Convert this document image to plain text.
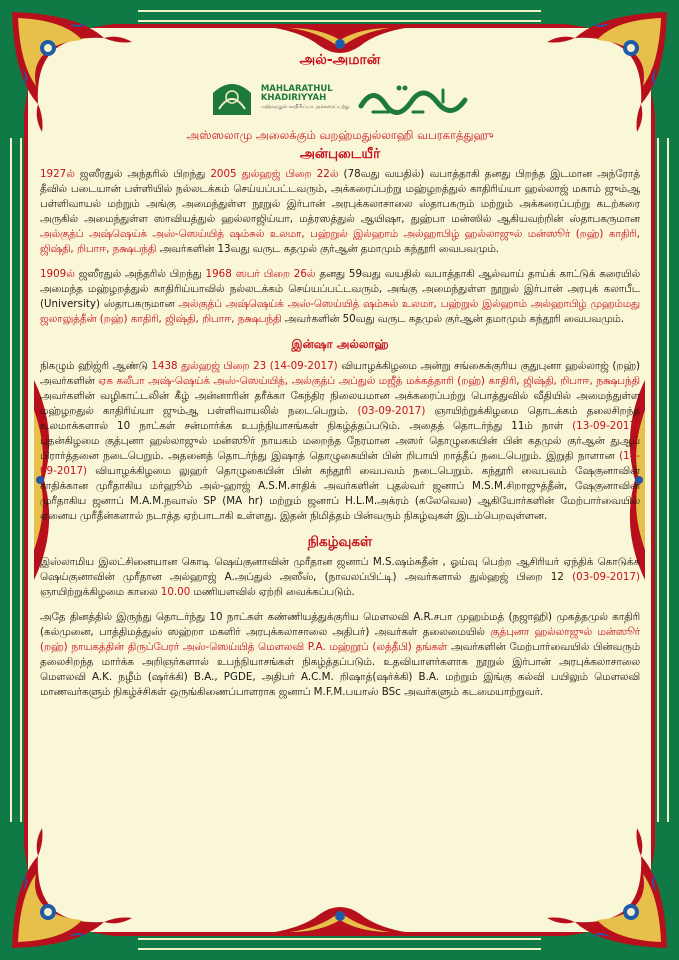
அல்-அமான்
MAHLARATHUL
KHADIRIYYAH
மஹ்லறதுல் காதிரிய்யா அக்கரைப்பற்று
அஸ்ஸலாமு அலைக்கும் வறஹ்மதுல்லாஹி வபரகாத்துஹு
அன்புடையீர்

1927ல் ஜஸீரதுல் அந்தரில் பிறந்து 2005 துல்ஹஜ் பிறை 22ல் (78வது வயதில்) வபாத்தாகி தனது பிறந்த இடமான அந்ரோத் தீவில் படையான் பள்ளியில் நல்லடக்கம் செய்யப்பட்டவரும், அக்கரைப்பற்று மஹ்ழறத்துல் காதிரிய்யா ஹல்லாஜ் மகாம் ஜும்ஆ பள்ளிவாயல் மற்றும் அங்கு அமைந்துள்ள நூறுல் இர்பான் அரபுக்கலாசாலை ஸ்தாபகரும் மற்றும் அக்கரைப்பற்று கடற்கரை அருகில் அமைந்துள்ள ஸாவியத்துல் ஹல்லாஜிய்யா, மத்ரஸத்துல் ஆயிஷா, துஹ்பா மன்ஸில் ஆகியவற்றின் ஸ்தாபகருமான அல்குத்ப் அஷ்ஷெய்க் அஸ்-ஸெய்யித் ஷம்சுல் உலமா, பஹ்றுல் இல்ஹாம் அல்ஹாபிழ் ஹல்லாஜுல் மன்ஸூர் (றஹ்) காதிரி, ஜிஷ்தி, றிபாஈ, நக்ஷபந்தி அவர்களின் 13வது வருட கதமுல் குர்ஆன் தமாமும் கந்தூரி வைபவமும்.

1909ல் ஜஸீரதுல் அந்தரில் பிறந்து 1968 ஸபர் பிறை 26ல் தனது 59வது வயதில் வபாத்தாகி ஆல்வாய் தாய்க் காட்டுக் கரையில் அமைந்த மஹ்ழறத்துல் காதிரிய்யாவில் நல்லடக்கம் செய்யப்பட்டவரும், அங்கு அமைந்துள்ள நூறுல் இர்பான் அரபுக் கலாபீட (University) ஸ்தாபகருமான அல்குத்ப் அஷ்ஷெய்க் அஸ்-ஸெய்யித் ஷம்சுல் உலமா, பஹ்றுல் இல்ஹாம் அல்ஹாபிழ் முஹம்மது ஜலாலுத்தீன் (றஹ்) காதிரி, ஜிஷ்தி, றிபாஈ, நக்ஷபந்தி அவர்களின் 50வது வருட கதமுல் குர்ஆன் தமாமும் கந்தூரி வைபவமும்.

இன்ஷா அல்லாஹ்

நிகழும் ஹிஜ்ரி ஆண்டு 1438 துல்ஹஜ் பிறை 23 (14-09-2017) வியாழக்கிழமை அன்று சங்கைக்குரிய குதுபுனா ஹல்லாஜ் (றஹ்) அவர்களின் ஏக கலீபா அஷ்-ஷெய்க் அஸ்-ஸெய்யித், அல்குத்ப் அப்துல் மஜீத் மக்கத்தாரி (றஹ்) காதிரி, ஜிஷ்தி, றிபாஈ, நக்ஷபந்தி அவர்களின் வழிகாட்டலின் கீழ் அன்னாரின் தரீக்கா கேந்திர நிலையமான அக்கரைப்பற்று பொத்துவில் வீதியில் அமைந்துள்ள மஹ்ழறதுல் காதிரிய்யா ஜும்ஆ பள்ளிவாயலில் நடைபெறும். (03-09-2017) ஞாயிற்றுக்கிழமை தொடக்கம் தலைசிறந்த உலமாக்களால் 10 நாட்கள் சன்மார்க்க உபந்நியாசங்கள் நிகழ்த்தப்படும். அதைத் தொடர்ந்து 11ம் நாள் (13-09-2017) புதன்கிழமை குத்புனா ஹல்லாஜுல் மன்ஸூர் நாயகம் மறைந்த நேரமான அஸர் தொழுகையின் பின் கதமுல் குர்ஆன் துஆப் பிரார்த்தனை நடைபெறும். அதனைத் தொடர்ந்து இஷாத் தொழுகையின் பின் றிபாயி றாத்தீப் நடைபெறும். இறுதி நாளான (14-09-2017) வியாழக்கிழமை லுஹர் தொழுகையின் பின் கந்தூரி வைபவம் நடைபெறும். கந்தூரி வைபவம் ஷேகுனாவின் சாதிக்கான முரீதாகிய மர்ஹூம் அல்-ஹாஜ் A.S.M.சாதிக் அவர்களின் புதல்வர் ஜனாப் M.S.M.சிறாஜுத்தீன், ஷேகுனாவின் முரீதாகிய ஜனாப் M.A.M.நவாஸ் SP (MA hr) மற்றும் ஜனாப் H.L.M.அக்ரம் (கலேவெல) ஆகியோர்களின் மேற்பார்வையில் ஏனைய முரீதீன்களால் நடாத்த ஏற்பாடாகி உள்ளது. இதன் நிமித்தம் பின்வரும் நிகழ்வுகள் இடம்பெறவுள்ளன.

நிகழ்வுகள்

இஸ்லாமிய இலட்சினையான கொடி ஷெய்குனாவின் முரீதான ஜனாப் M.S.ஷம்சுதீன் , ஓய்வு பெற்ற ஆசிரியர் ஏந்திக் கொடுக்க ஷெய்குனாவின் முரீதான அல்ஹாஜ் A.அப்துல் அஸீஸ், (நாவலப்பிட்டி) அவர்களால் துல்ஹஜ் பிறை 12 (03-09-2017) ஞாயிற்றுக்கிழமை காலை 10.00 மணியளவில் ஏற்றி வைக்கப்படும்.

அதே தினத்தில் இருந்து தொடர்ந்து 10 நாட்கள் கண்ணியத்துக்குரிய மௌலவி A.R.சபா முஹம்மத் (நஜாஹி) முகத்தமுல் காதிரி (கல்முனை, பாத்திமத்துஸ் ஸஹ்றா மகளிர் அரபுக்கலாசாலை அதிபர்) அவர்கள் தலைமையில் குத்புனா ஹல்லாஜுல் மன்ஸூர் (றஹ்) நாயகத்தின் திருப்பேரர் அஸ்-ஸெய்யித் மௌலவி P.A. மஹ்றூப் (லத்தீபி) தங்கள் அவர்களின் மேற்பார்வையில் பின்வரும் தலைசிறந்த மார்க்க அறிஞர்களால் உபந்நியாசங்கள் நிகழ்த்தப்படும். உதவியாளர்களாக நூறுல் இர்பான் அரபுக்கலாசாலை மௌலவி A.K. நழீம் (ஷர்க்கி) B.A., PGDE, அதிபர் A.C.M. றிஷாத்(ஷர்க்கி) B.A. மற்றும் இங்கு கல்வி பயிலும் மௌலவி மாணவர்களும் நிகழ்ச்சிகள் ஒருங்கிணைப்பாளராக ஜனாப் M.F.M.பயாஸ் BSc அவர்களும் கடமையாற்றுவர்.
